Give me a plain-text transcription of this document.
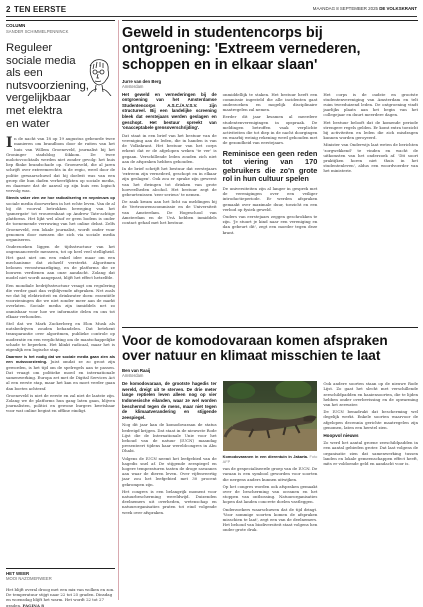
2 TEN EERSTE	MAANDAG 8 SEPTEMBER 2025 DE VOLKSKRANT
COLUMN
SANDER SCHIMMELPENNINCK
Reguleer sociale media als een nutsvoorziening, vergelijkbaar met elektra en water

In de nacht van 18 op 19 augustus gebeurde twee manieren om brandbom door de ruiten van het huis van Willem Groeneveld, journalist bij het Groninger stadsblog Sikkom. De twee molotovcocktails werden niet zonder gevolg: het huis liep flinke brandschade op. Groeneveld, die al jaren schrijft over extreemrechts in de regio, werd door de politie gewaarschuwd dat hij doelwit was van een groep die hun daden verheerlijkten op sociale media, en daarmee dat de aanval op zijn huis een logisch vervolg was.

Steeds vaker zien we hoe radicalisering en nepnieuws op sociale media doorwerken in het echte leven. Van de al bij dit voorval betrokken beweging van het 'gamergate' tot vrouwenhaat op Andrew Tate-achtige platforms. Het lijkt wel alsof er geen bodem is onder de toenemende verruwing van het online debat. Zelfs Groeneveld, een lokale journalist, wordt onder vuur genomen door mensen die zich via sociale media organiseren.

Onderzoeken liggen de tijdsstructuur van het ongenuanceerde menseen, tot op heel veel stelligheid. Het gaat niet om een enkel idee maar om een mechanisme dat zichzelf versterkt. Algoritmen belonen verontwaardiging, en de platforms die ze bouwen verdienen aan onze aandacht. Zolang dat model niet wordt aangepast, blijft het effect hetzelfde.

Een mondiale bedrijfsstructuur vraagt om regulering die verder gaat dan vrijblijvende afspraken. Net zoals we dat bij elektriciteit en drinkwater doen: essentiële voorzieningen die we niet zonder meer aan de markt overlaten. Sociale media zijn inmiddels net zo onmisbaar voor hoe we informatie delen en ons tot elkaar verhouden.

Stel dat we Mark Zuckerberg en Elon Musk als nutsbedrijven zouden behandelen. Dat betekent transparantie over algoritmen, publieke controle op moderatie en een verplichting om de maatschappelijke schade te beperken. Het klinkt radicaal, maar het is eigenlijk een logische stap.

Daarmee is het nodig dat we sociale media gaan zien als een nutsvoorziening. Juist omdat ze zo groot zijn geworden, is het tijd om de spelregels aan te passen. Dat vraagt om politieke moed en internationale samenwerking. Europa zet met de Digital Services Act al een eerste stap, maar het kan en moet verder gaan dan boetes achteraf.

Groeneveld is niet de eerste en zal niet de laatste zijn. Zolang we de platforms hun gang laten gaan, blijven journalisten, politici en gewone burgers kwetsbaar voor wat online begint en offline eindigt.

HET WEER
MOOI NAZOMERWEER
Het blijft overal droog met een mix van wolken en zon. De temperatuur stijgt naar 22 tot 25 graden. Dinsdag en woensdag blijft het warm. Het wordt 22 tot 27 graden. PAGINA 8
Geweld in studentencorps bij ontgroening: 'Extreem vernederen, schoppen en in elkaar slaan'
Jurre van den Berg
Amsterdam

Het geweld en vernederingen bij de ontgroening van het Amsterdamse Studentencorps A.S.C./A.V.S.V. zijn structureel. Bij een landelijke screening bleek dat eerstejaars werden geslagen en geschopt. Het bestuur spreekt van 'onacceptabele grensoverschrijding'.

Dat staat in een brief van het bestuur van de vereniging aan de leden, die in handen is van de Volkskrant. Het bestuur van het corps erkent dat er de afgelopen weken 'te ver' is gegaan. Verschillende leden zouden zich niet aan de afspraken hebben gehouden.

In de brief schrijft het bestuur dat eerstejaars 'extreem zijn vernederd, geschopt en in elkaar zijn geslagen'. Ook zou er sprake zijn geweest van het dwingen tot drinken van grote hoeveelheden alcohol. Het bestuur zegt de gebeurtenissen 'zeer serieus' te nemen.

De zaak kwam aan het licht na meldingen bij de Vertrouwenscommissie en de Universiteit van Amsterdam. De Hogeschool van Amsterdam en de UvA hebben inmiddels contact gehad met het bestuur.

onmiddellijk te staken. Het bestuur heeft een commissie ingesteld die alle incidenten gaat onderzoeken en mogelijk disciplinaire maatregelen zal nemen.

Eerder dit jaar kwamen al meerdere studentenverenigingen in opspraak. De meldingen betroffen vaak verplichte activiteiten die tot diep in de nacht doorgingen en waarbij weinig rekening werd gehouden met de gezondheid van eerstejaars.

Reminisce een geen reden tot viering van 170 gebruikers die zo'n grote rol in hun cultuur spelen

De universiteiten zijn al langer in gesprek met de verenigingen over een veiliger introductieperiode. Er werden afspraken gemaakt over maximale duur, toezicht en een verbod op fysiek geweld.

Ouders van eerstejaars zeggen geschrokken te zijn. 'Je stuurt je kind naar een vereniging en dan gebeurt dit', zegt een moeder tegen deze krant.

Het corps is de oudste en grootste studentenvereniging van Amsterdam en telt ruim tweeduizend leden. De ontgroening vindt jaarlijks plaats aan het begin van het collegejaar en duurt meerdere dagen.

Het bestuur belooft dat de komende periode strengere regels gelden. Er komt extra toezicht bij activiteiten en leden die zich misdragen kunnen worden geroyeerd.

Minister van Onderwijs laat weten de berichten 'zorgwekkend' te vinden en wacht de uitkomsten van het onderzoek af. 'Dit soort praktijken horen niet thuis in het studentenleven', aldus een woordvoerder van het ministerie.

Voor de komodovaraan komen afspraken over natuur en klimaat misschien te laat
Ben van Raaij
Amsterdam

De komodovaraan, de grootste hagedis ter wereld, dreigt uit te sterven. De drie meter lange reptielen leven alleen nog op vier Indonesische eilanden, waar ze wel worden beschermd tegen de mens, maar niet tegen de klimaatverandering en stijgende zeespiegel.

Nog dit jaar kan de komodovaraan de status bedreigd krijgen. Dat staat in de nieuwste Rode Lijst die de Internationale Unie voor het behoud van de natuur (IUCN) maandag presenteert tijdens haar wereldcongres in Abu Dhabi.

Volgens de IUCN neemt het leefgebied van de hagedis snel af. De stijgende zeespiegel en hogere temperaturen tasten de droge savannes aan waar de dieren leven. Over vijfenveertig jaar zou het leefgebied met 30 procent gekrompen zijn.

Het congres is een belangrijk moment voor natuurbescherming wereldwijd. Duizenden deelnemers uit overheden, wetenschap en natuurorganisaties praten tot eind volgende week over afspraken.

Komodovaranen in een dierentuin in Jakarta. Foto AFP

van de gespecialiseerde groep van de IUCN. De varaan is een symbool geworden voor soorten die nergens anders kunnen uitwijken.

Op het congres worden ook afspraken gemaakt over de bescherming van oceanen en het stoppen van ontbossing. Natuurorganisaties hopen dat landen concrete doelen vastleggen.

Onderzoekers waarschuwen dat de tijd dringt. 'Voor sommige soorten komen de afspraken misschien te laat', zegt een van de deelnemers. Het behoud van biodiversiteit staat volgens hen onder grote druk.

Ook andere soorten staan op de nieuwe Rode Lijst. Zo gaat het slecht met verschillende zeeschildpadden en haaiensoorten, die te lijden hebben onder overbevissing en de opwarming van het zeewater.

De IUCN benadrukt dat bescherming wel degelijk werkt. Enkele soorten waarvoor de afgelopen decennia gerichte maatregelen zijn genomen, laten een herstel zien.

Hoopvol nieuws

Zo werd het aantal groene zeeschildpadden in een aantal gebieden groter. Dat laat volgens de organisatie zien dat samenwerking tussen landen en lokale gemeenschappen effect heeft, mits er voldoende geld en aandacht voor is.
